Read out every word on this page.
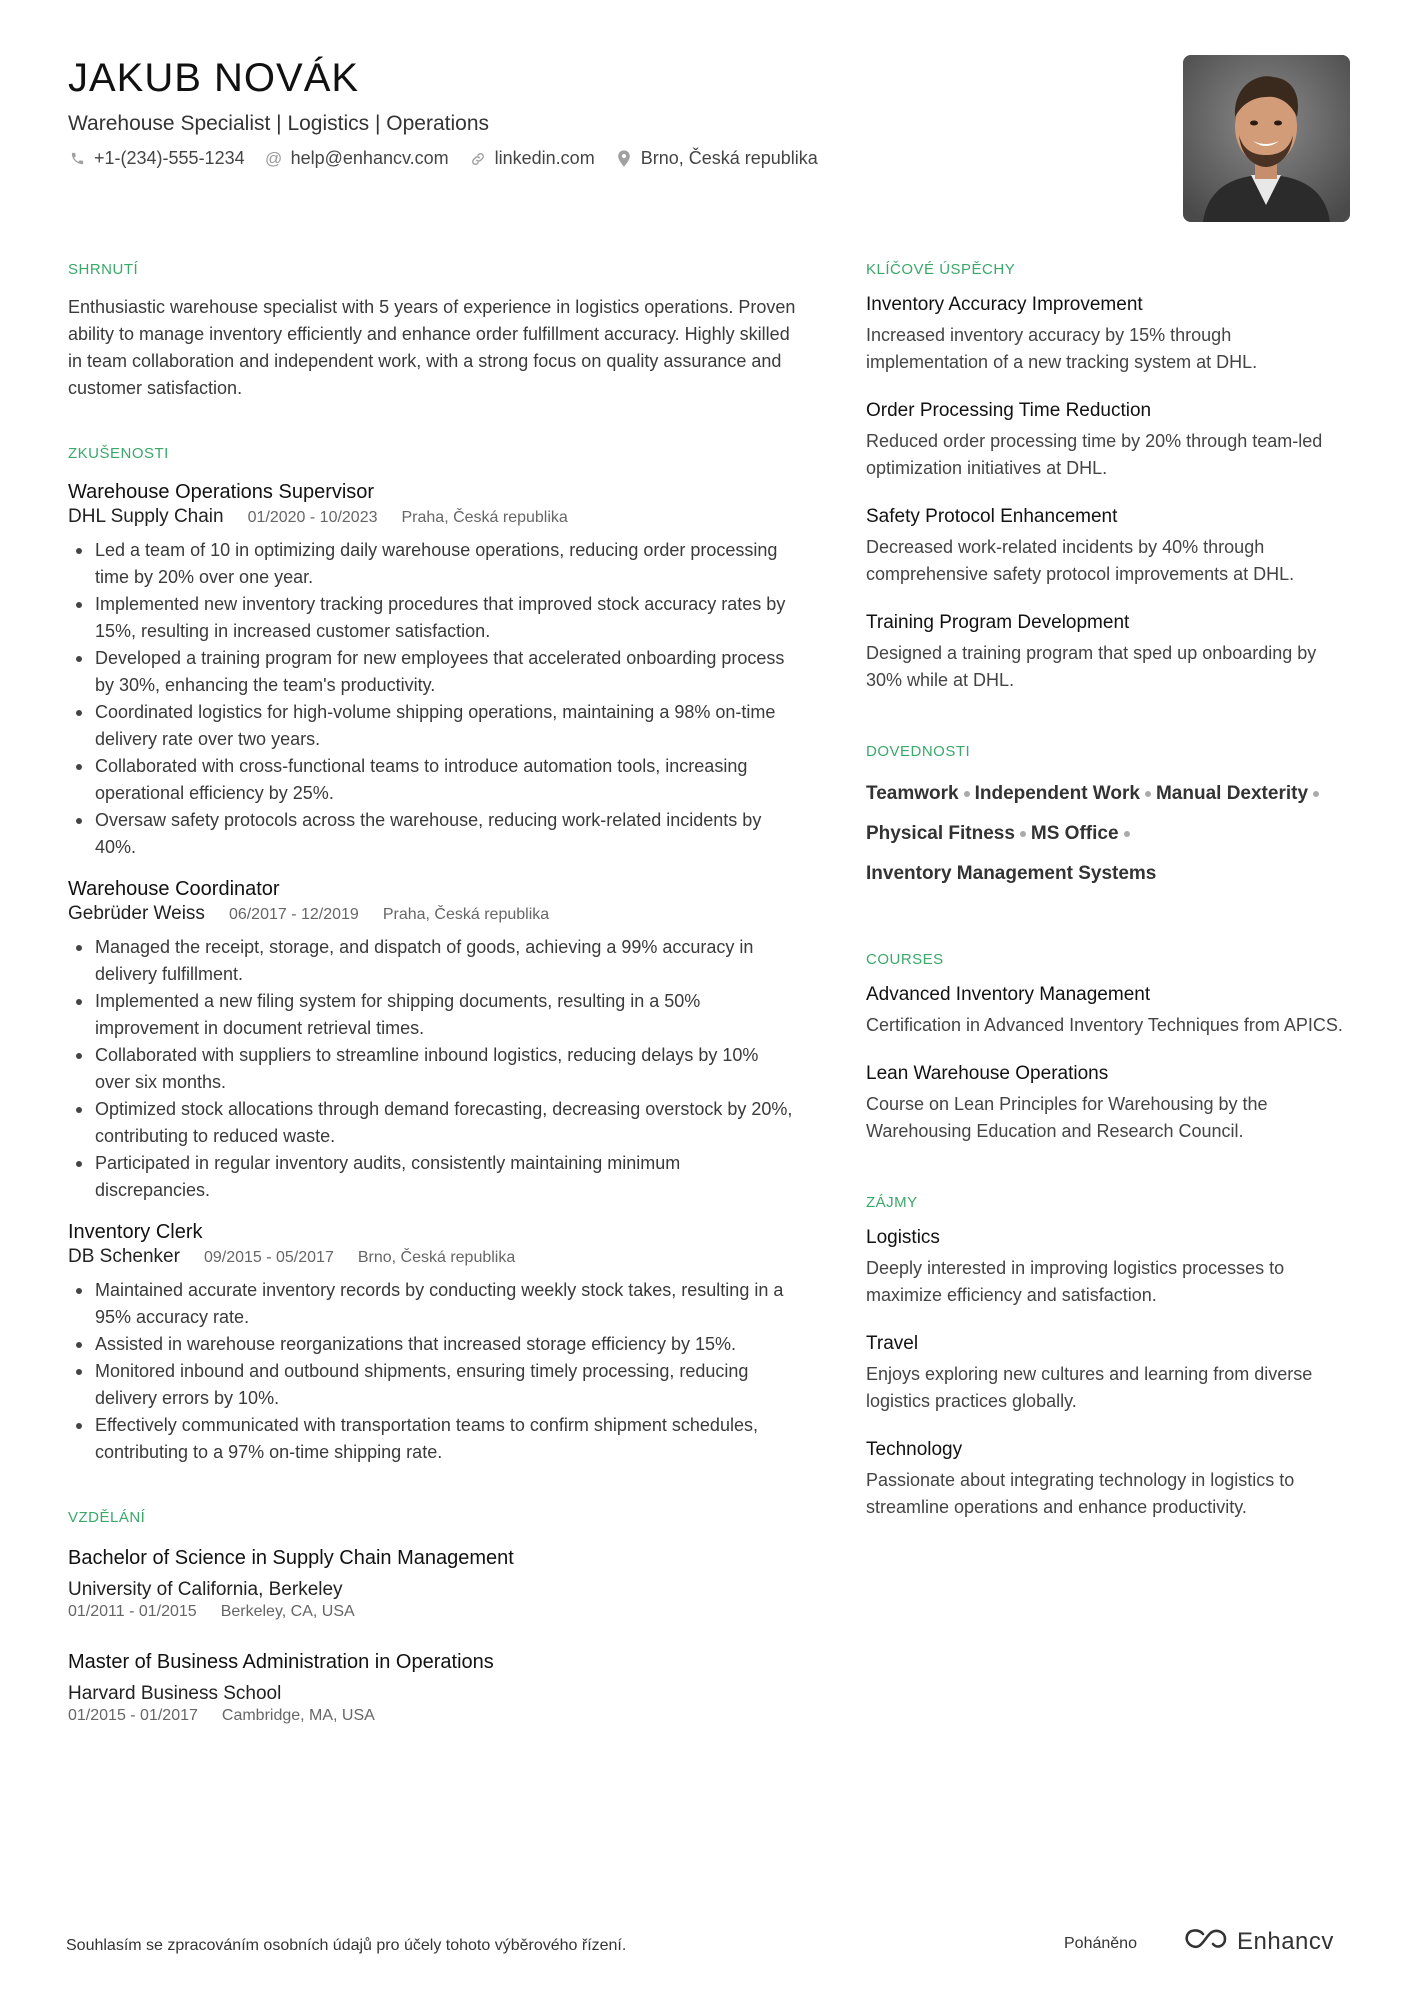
JAKUB NOVÁK
Warehouse Specialist | Logistics | Operations
+1-(234)-555-1234 @ help@enhancv.com	linkedin.com	Brno, Česká republika
SHRNUTÍ

Enthusiastic warehouse specialist with 5 years of experience in logistics operations. Proven ability to manage inventory efficiently and enhance order fulfillment accuracy. Highly skilled in team collaboration and independent work, with a strong focus on quality assurance and customer satisfaction.

ZKUŠENOSTI
Warehouse Operations Supervisor
DHL Supply Chain 01/2020 - 10/2023 Praha, Česká republika
Led a team of 10 in optimizing daily warehouse operations, reducing order processing time by 20% over one year.
Implemented new inventory tracking procedures that improved stock accuracy rates by 15%, resulting in increased customer satisfaction.
Developed a training program for new employees that accelerated onboarding process by 30%, enhancing the team's productivity.
Coordinated logistics for high-volume shipping operations, maintaining a 98% on-time delivery rate over two years.
Collaborated with cross-functional teams to introduce automation tools, increasing operational efficiency by 25%.
Oversaw safety protocols across the warehouse, reducing work-related incidents by 40%.
Warehouse Coordinator
Gebrüder Weiss 06/2017 - 12/2019 Praha, Česká republika
Managed the receipt, storage, and dispatch of goods, achieving a 99% accuracy in delivery fulfillment.
Implemented a new filing system for shipping documents, resulting in a 50% improvement in document retrieval times.
Collaborated with suppliers to streamline inbound logistics, reducing delays by 10% over six months.
Optimized stock allocations through demand forecasting, decreasing overstock by 20%, contributing to reduced waste.
Participated in regular inventory audits, consistently maintaining minimum discrepancies.
Inventory Clerk
DB Schenker 09/2015 - 05/2017 Brno, Česká republika
Maintained accurate inventory records by conducting weekly stock takes, resulting in a 95% accuracy rate.
Assisted in warehouse reorganizations that increased storage efficiency by 15%.
Monitored inbound and outbound shipments, ensuring timely processing, reducing delivery errors by 10%.
Effectively communicated with transportation teams to confirm shipment schedules, contributing to a 97% on-time shipping rate.
VZDĚLÁNÍ
Bachelor of Science in Supply Chain Management
University of California, Berkeley
01/2011 - 01/2015 Berkeley, CA, USA
Master of Business Administration in Operations
Harvard Business School
01/2015 - 01/2017 Cambridge, MA, USA
KLÍČOVÉ ÚSPĚCHY
Inventory Accuracy Improvement
Increased inventory accuracy by 15% through implementation of a new tracking system at DHL.
Order Processing Time Reduction
Reduced order processing time by 20% through team-led optimization initiatives at DHL.
Safety Protocol Enhancement
Decreased work-related incidents by 40% through comprehensive safety protocol improvements at DHL.
Training Program Development
Designed a training program that sped up onboarding by 30% while at DHL.
DOVEDNOSTI
Teamwork Independent Work Manual Dexterity
Physical Fitness MS Office
Inventory Management Systems
COURSES
Advanced Inventory Management
Certification in Advanced Inventory Techniques from APICS.
Lean Warehouse Operations
Course on Lean Principles for Warehousing by the Warehousing Education and Research Council.
ZÁJMY
Logistics
Deeply interested in improving logistics processes to maximize efficiency and satisfaction.
Travel
Enjoys exploring new cultures and learning from diverse logistics practices globally.
Technology
Passionate about integrating technology in logistics to streamline operations and enhance productivity.
Souhlasím se zpracováním osobních údajů pro účely tohoto výběrového řízení.	Poháněno	Enhancv
